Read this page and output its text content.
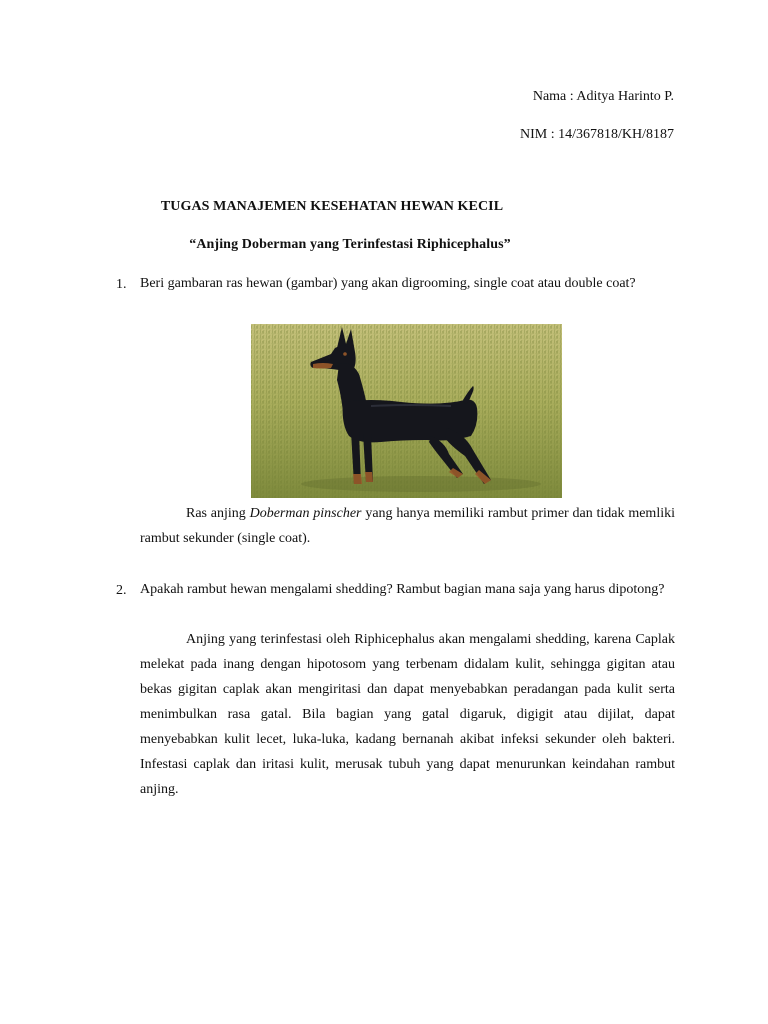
Nama : Aditya Harinto P.
NIM : 14/367818/KH/8187
TUGAS MANAJEMEN KESEHATAN HEWAN KECIL
“Anjing Doberman yang Terinfestasi Riphicephalus”
1. Beri gambaran ras hewan (gambar) yang akan digrooming, single coat atau double coat?
Ras anjing Doberman pinscher yang hanya memiliki rambut primer dan tidak memliki rambut sekunder (single coat).
2. Apakah rambut hewan mengalami shedding? Rambut bagian mana saja yang harus dipotong?
Anjing yang terinfestasi oleh Riphicephalus akan mengalami shedding, karena Caplak melekat pada inang dengan hipotosom yang terbenam didalam kulit, sehingga gigitan atau bekas gigitan caplak akan mengiritasi dan dapat menyebabkan peradangan pada kulit serta menimbulkan rasa gatal. Bila bagian yang gatal digaruk, digigit atau dijilat, dapat menyebabkan kulit lecet, luka-luka, kadang bernanah akibat infeksi sekunder oleh bakteri. Infestasi caplak dan iritasi kulit, merusak tubuh yang dapat menurunkan keindahan rambut anjing.
